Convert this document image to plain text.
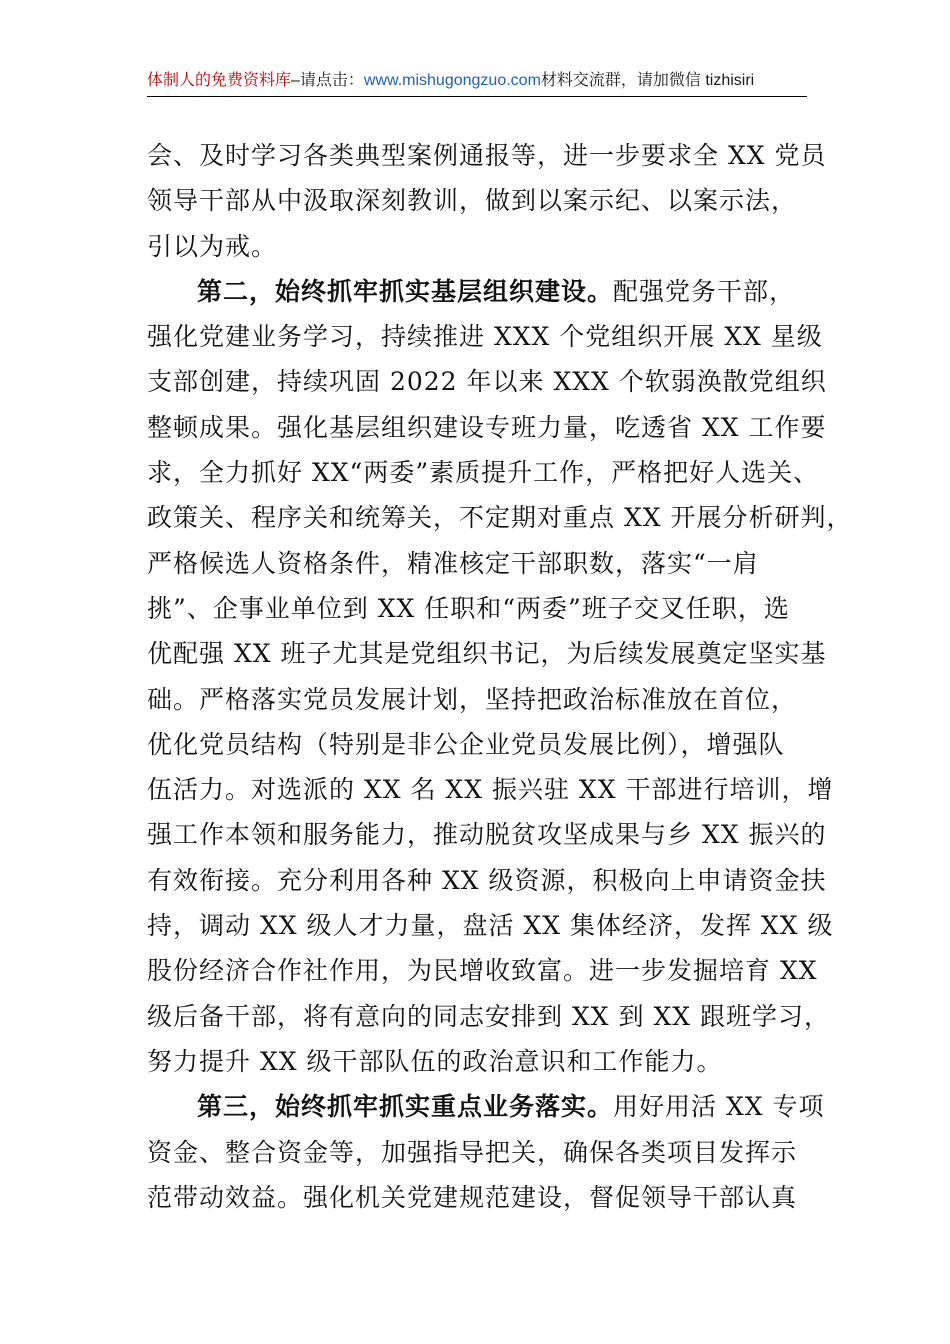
体制人的免费资料库–请点击：www.mishugongzuo.com材料交流群，请加微信 tizhisiri
会、及时学习各类典型案例通报等，进一步要求全 XX 党员
领导干部从中汲取深刻教训，做到以案示纪、以案示法，
引以为戒。
第二，始终抓牢抓实基层组织建设。配强党务干部，
强化党建业务学习，持续推进 XXX 个党组织开展 XX 星级
支部创建，持续巩固 2022 年以来 XXX 个软弱涣散党组织
整顿成果。强化基层组织建设专班力量，吃透省 XX 工作要
求，全力抓好 XX“两委”素质提升工作，严格把好人选关、
政策关、程序关和统筹关，不定期对重点 XX 开展分析研判，
严格候选人资格条件，精准核定干部职数，落实“一肩
挑”、企事业单位到 XX 任职和“两委”班子交叉任职，选
优配强 XX 班子尤其是党组织书记，为后续发展奠定坚实基
础。严格落实党员发展计划，坚持把政治标准放在首位，
优化党员结构（特别是非公企业党员发展比例），增强队
伍活力。对选派的 XX 名 XX 振兴驻 XX 干部进行培训，增
强工作本领和服务能力，推动脱贫攻坚成果与乡 XX 振兴的
有效衔接。充分利用各种 XX 级资源，积极向上申请资金扶
持，调动 XX 级人才力量，盘活 XX 集体经济，发挥 XX 级
股份经济合作社作用，为民增收致富。进一步发掘培育 XX
级后备干部，将有意向的同志安排到 XX 到 XX 跟班学习，
努力提升 XX 级干部队伍的政治意识和工作能力。
第三，始终抓牢抓实重点业务落实。用好用活 XX 专项
资金、整合资金等，加强指导把关，确保各类项目发挥示
范带动效益。强化机关党建规范建设，督促领导干部认真
